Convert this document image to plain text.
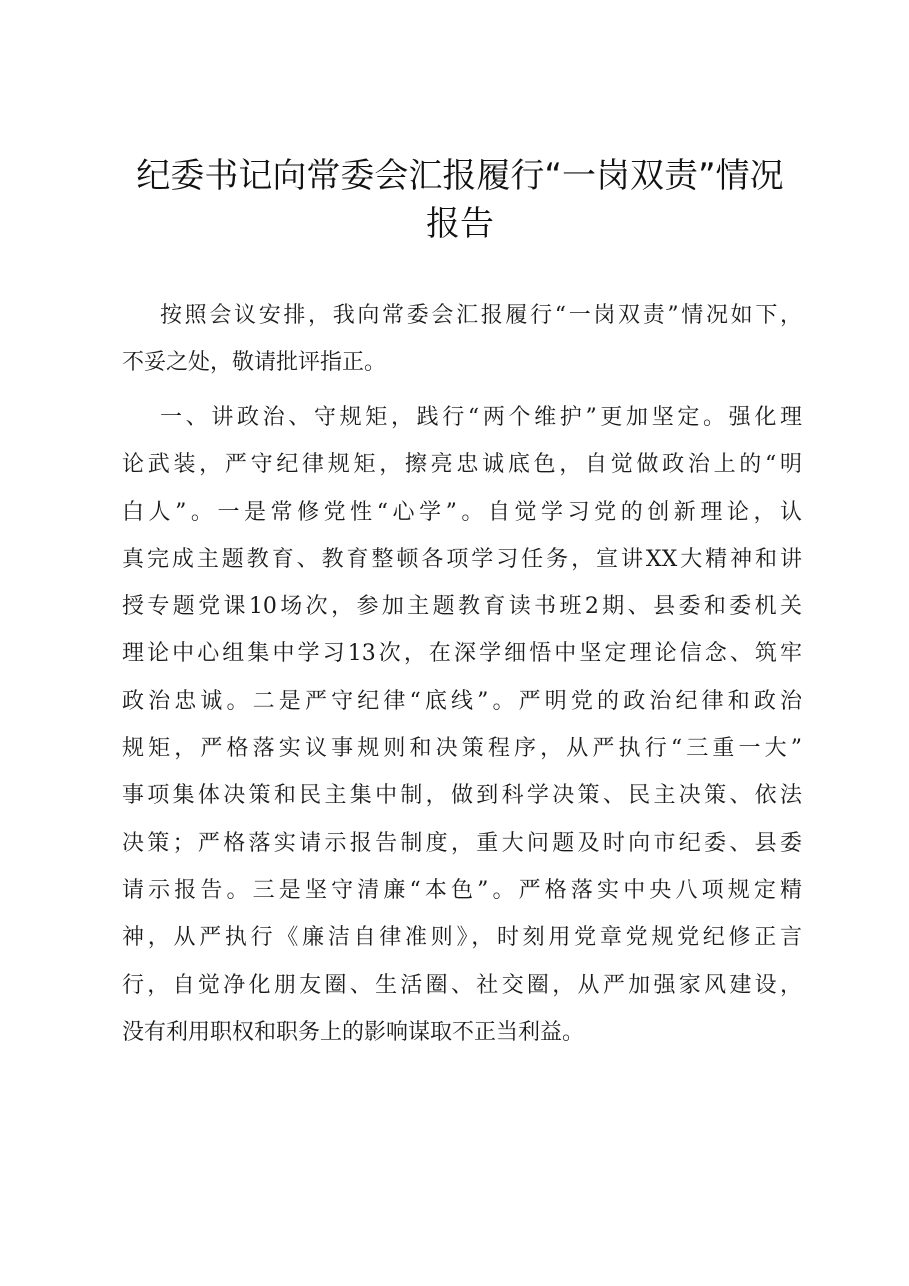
纪委书记向常委会汇报履行“一岗双责”情况
报告
按照会议安排，我向常委会汇报履行“一岗双责”情况如下，
不妥之处，敬请批评指正。
一、讲政治、守规矩，践行“两个维护”更加坚定。强化理
论武装，严守纪律规矩，擦亮忠诚底色，自觉做政治上的“明
白人”。一是常修党性“心学”。自觉学习党的创新理论，认
真完成主题教育、教育整顿各项学习任务，宣讲XX大精神和讲
授专题党课10场次，参加主题教育读书班2期、县委和委机关
理论中心组集中学习13次，在深学细悟中坚定理论信念、筑牢
政治忠诚。二是严守纪律“底线”。严明党的政治纪律和政治
规矩，严格落实议事规则和决策程序，从严执行“三重一大”
事项集体决策和民主集中制，做到科学决策、民主决策、依法
决策；严格落实请示报告制度，重大问题及时向市纪委、县委
请示报告。三是坚守清廉“本色”。严格落实中央八项规定精
神，从严执行《廉洁自律准则》，时刻用党章党规党纪修正言
行，自觉净化朋友圈、生活圈、社交圈，从严加强家风建设，
没有利用职权和职务上的影响谋取不正当利益。
